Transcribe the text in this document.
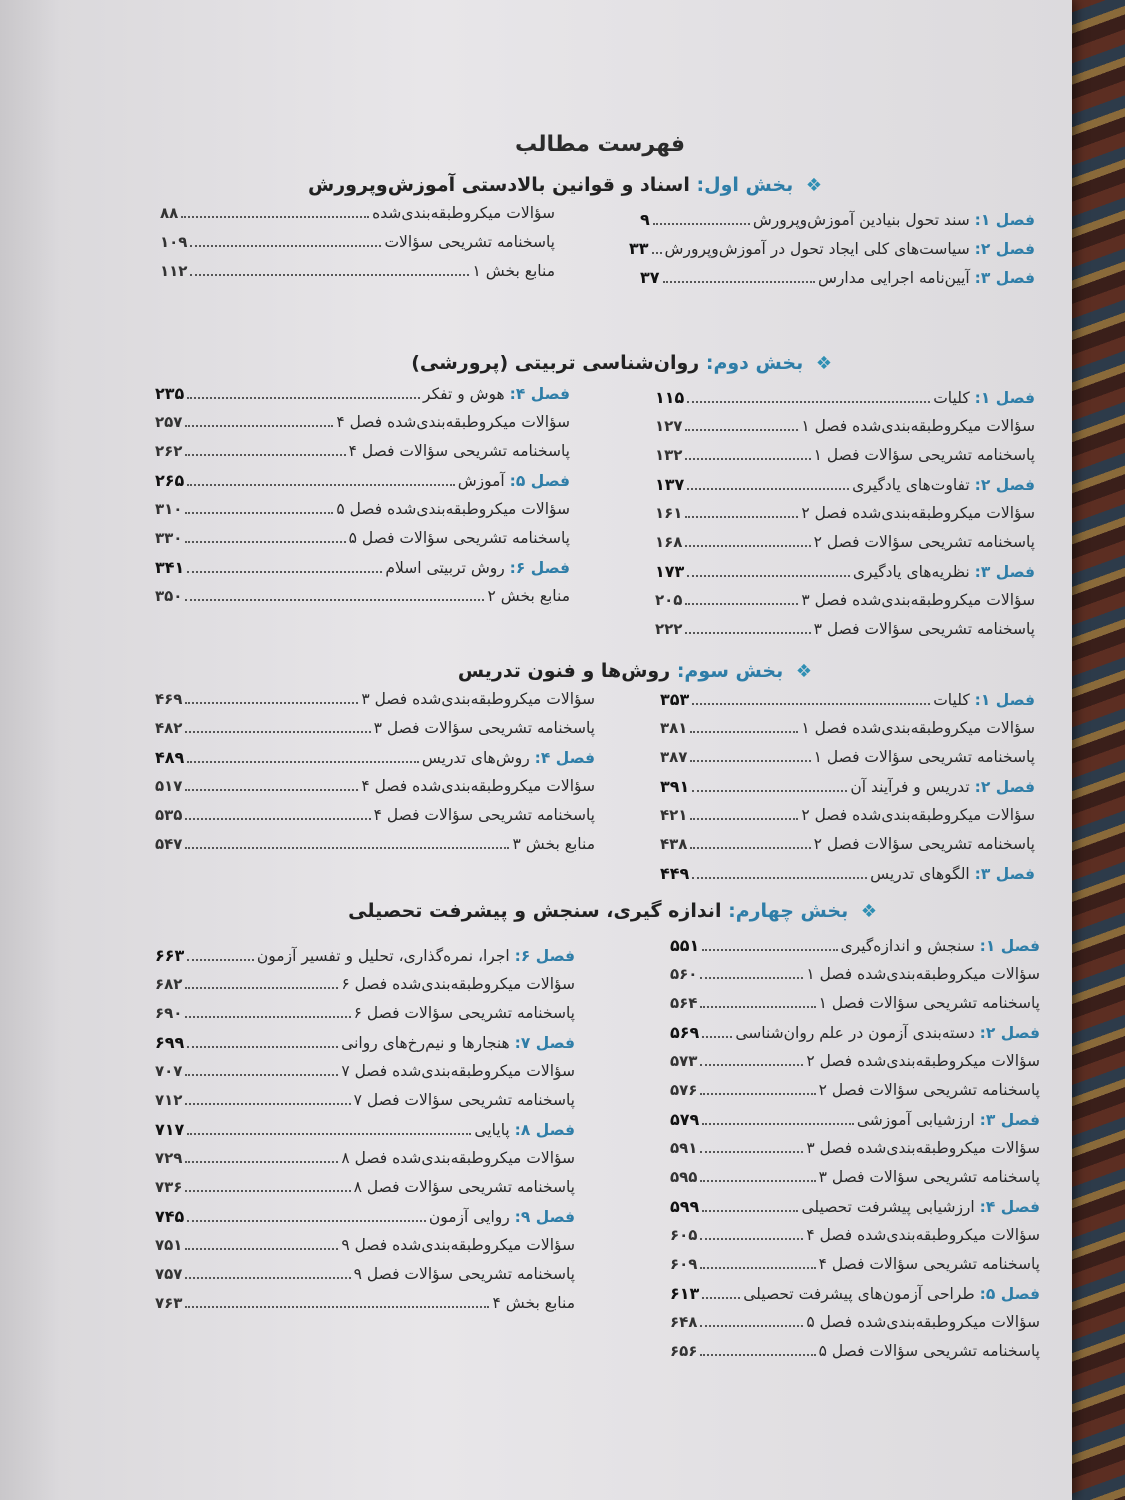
فهرست مطالب
❖ بخش اول: اسناد و قوانین بالادستی آموزش‌وپرورش
فصل ۱: سند تحول بنیادین آموزش‌وپرورش
۹
فصل ۲: سیاست‌های کلی ایجاد تحول در آموزش‌وپرورش
۳۳
فصل ۳: آیین‌نامه اجرایی مدارس
۳۷
سؤالات میکروطبقه‌بندی‌شده
۸۸
پاسخنامه تشریحی سؤالات
۱۰۹
منابع بخش ۱
۱۱۲
❖ بخش دوم: روان‌شناسی تربیتی (پرورشی)
فصل ۱: کلیات
۱۱۵
سؤالات میکروطبقه‌بندی‌شده فصل ۱
۱۲۷
پاسخنامه تشریحی سؤالات فصل ۱
۱۳۲
فصل ۲: تفاوت‌های یادگیری
۱۳۷
سؤالات میکروطبقه‌بندی‌شده فصل ۲
۱۶۱
پاسخنامه تشریحی سؤالات فصل ۲
۱۶۸
فصل ۳: نظریه‌های یادگیری
۱۷۳
سؤالات میکروطبقه‌بندی‌شده فصل ۳
۲۰۵
پاسخنامه تشریحی سؤالات فصل ۳
۲۲۲
فصل ۴: هوش و تفکر
۲۳۵
سؤالات میکروطبقه‌بندی‌شده فصل ۴
۲۵۷
پاسخنامه تشریحی سؤالات فصل ۴
۲۶۲
فصل ۵: آموزش
۲۶۵
سؤالات میکروطبقه‌بندی‌شده فصل ۵
۳۱۰
پاسخنامه تشریحی سؤالات فصل ۵
۳۳۰
فصل ۶: روش تربیتی اسلام
۳۴۱
منابع بخش ۲
۳۵۰
❖ بخش سوم: روش‌ها و فنون تدریس
فصل ۱: کلیات
۳۵۳
سؤالات میکروطبقه‌بندی‌شده فصل ۱
۳۸۱
پاسخنامه تشریحی سؤالات فصل ۱
۳۸۷
فصل ۲: تدریس و فرآیند آن
۳۹۱
سؤالات میکروطبقه‌بندی‌شده فصل ۲
۴۲۱
پاسخنامه تشریحی سؤالات فصل ۲
۴۳۸
فصل ۳: الگوهای تدریس
۴۴۹
سؤالات میکروطبقه‌بندی‌شده فصل ۳
۴۶۹
پاسخنامه تشریحی سؤالات فصل ۳
۴۸۲
فصل ۴: روش‌های تدریس
۴۸۹
سؤالات میکروطبقه‌بندی‌شده فصل ۴
۵۱۷
پاسخنامه تشریحی سؤالات فصل ۴
۵۳۵
منابع بخش ۳
۵۴۷
❖ بخش چهارم: اندازه گیری، سنجش و پیشرفت تحصیلی
فصل ۱: سنجش و اندازه‌گیری
۵۵۱
سؤالات میکروطبقه‌بندی‌شده فصل ۱
۵۶۰
پاسخنامه تشریحی سؤالات فصل ۱
۵۶۴
فصل ۲: دسته‌بندی آزمون در علم روان‌شناسی
۵۶۹
سؤالات میکروطبقه‌بندی‌شده فصل ۲
۵۷۳
پاسخنامه تشریحی سؤالات فصل ۲
۵۷۶
فصل ۳: ارزشیابی آموزشی
۵۷۹
سؤالات میکروطبقه‌بندی‌شده فصل ۳
۵۹۱
پاسخنامه تشریحی سؤالات فصل ۳
۵۹۵
فصل ۴: ارزشیابی پیشرفت تحصیلی
۵۹۹
سؤالات میکروطبقه‌بندی‌شده فصل ۴
۶۰۵
پاسخنامه تشریحی سؤالات فصل ۴
۶۰۹
فصل ۵: طراحی آزمون‌های پیشرفت تحصیلی
۶۱۳
سؤالات میکروطبقه‌بندی‌شده فصل ۵
۶۴۸
پاسخنامه تشریحی سؤالات فصل ۵
۶۵۶
فصل ۶: اجرا، نمره‌گذاری، تحلیل و تفسیر آزمون
۶۶۳
سؤالات میکروطبقه‌بندی‌شده فصل ۶
۶۸۲
پاسخنامه تشریحی سؤالات فصل ۶
۶۹۰
فصل ۷: هنجارها و نیم‌رخ‌های روانی
۶۹۹
سؤالات میکروطبقه‌بندی‌شده فصل ۷
۷۰۷
پاسخنامه تشریحی سؤالات فصل ۷
۷۱۲
فصل ۸: پایایی
۷۱۷
سؤالات میکروطبقه‌بندی‌شده فصل ۸
۷۲۹
پاسخنامه تشریحی سؤالات فصل ۸
۷۳۶
فصل ۹: روایی آزمون
۷۴۵
سؤالات میکروطبقه‌بندی‌شده فصل ۹
۷۵۱
پاسخنامه تشریحی سؤالات فصل ۹
۷۵۷
منابع بخش ۴
۷۶۳
